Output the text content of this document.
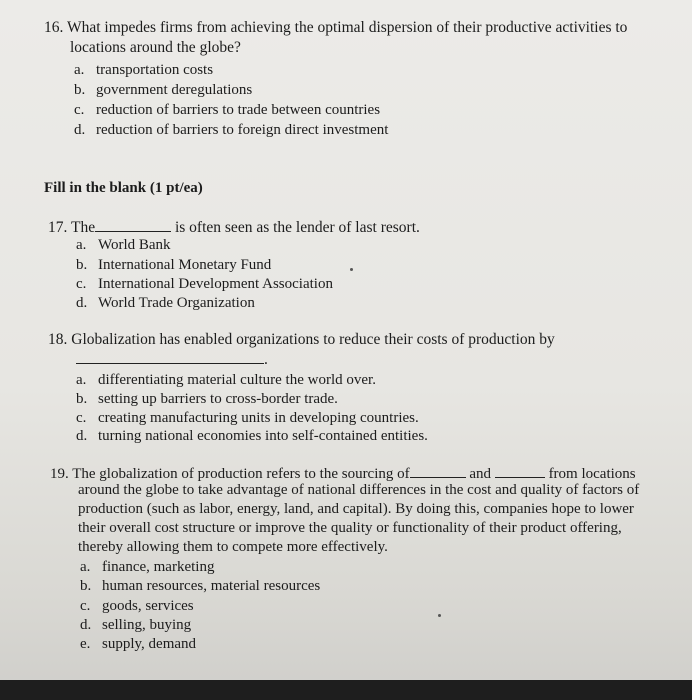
16. What impedes firms from achieving the optimal dispersion of their productive activities to
locations around the globe?
a. transportation costs
b. government deregulations
c. reduction of barriers to trade between countries
d. reduction of barriers to foreign direct investment
Fill in the blank (1 pt/ea)
17. The	is often seen as the lender of last resort.
a. World Bank
b. International Monetary Fund
c. International Development Association
d. World Trade Organization
18. Globalization has enabled organizations to reduce their costs of production by
.
a. differentiating material culture the world over.
b. setting up barriers to cross-border trade.
c. creating manufacturing units in developing countries.
d. turning national economies into self-contained entities.
19. The globalization of production refers to the sourcing of	and	from locations
around the globe to take advantage of national differences in the cost and quality of factors of
production (such as labor, energy, land, and capital). By doing this, companies hope to lower
their overall cost structure or improve the quality or functionality of their product offering,
thereby allowing them to compete more effectively.
a. finance, marketing
b. human resources, material resources
c. goods, services
d. selling, buying
e. supply, demand
